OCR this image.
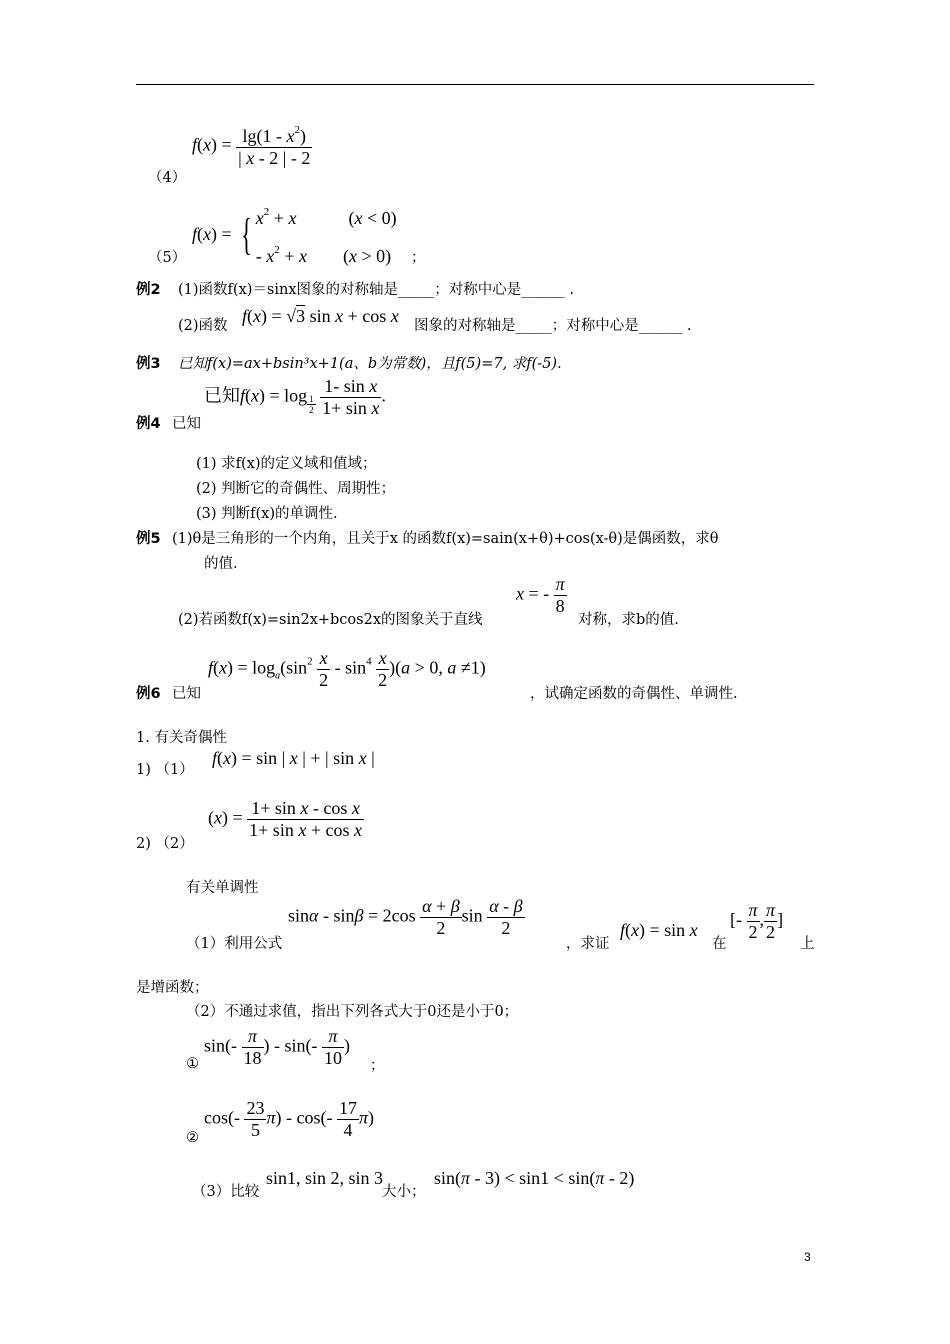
$f(x) = \frac{\lg(1 - x^2)}{| x - 2 | - 2}$
（4）
f(x) = { $x^2 + x$	(x < 0)
- $x^2 + x$ (x > 0)
（5）	；
例2 (1)函数f(x)＝sinx图象的对称轴是_____；对称中心是______ .
(2)函数 f(x) = √3 sin x + cos x 图象的对称轴是_____；对称中心是______ .
例3 已知f(x)=ax+bsin³x+1(a、b为常数)，且f(5)=7, 求f(-5).
已知f(x) = log $_{\frac{1}{2}}$
$\frac{\text{1- sin x}}{\text{1+ sin x}}$ .
例4 已知
(1) 求f(x)的定义域和值域；
(2) 判断它的奇偶性、周期性；
(3) 判断f(x)的单调性.
例5 (1)θ是三角形的一个内角，且关于x 的函数f(x)=sain(x+θ)+cos(x-θ)是偶函数，求θ
的值.
(2)若函数f(x)=sin2x+bcos2x的图象关于直线
x = - $\frac{\pi}{8}$
对称，求b的值.
$f(x) = \log_a(\sin^2 \frac{x}{2} - \sin^4 \frac{x}{2} )(a > 0$, a ≠1)
例6 已知	，试确定函数的奇偶性、单调性.
1. 有关奇偶性
1) （1）
f(x) = sin | x | + | sin x |
$(x) = \frac{\text{1+ sin x - cos x}}{\text{1+ sin x + cos x}}$
2) （2）
有关单调性
$\sin\alpha - \sin\beta = 2\cos \frac{\alpha + \beta}{2}$ $\sin \frac{\alpha - \beta}{2}$
（1）利用公式	，求证
f(x) = sin x
在
[- $\frac{\pi}{2}$ , $\frac{\pi}{2}$ ]
上
是增函数；
（2）不通过求值，指出下列各式大于0还是小于0；
$\sin(- \frac{\pi}{18}$ ) - $\sin(- \frac{\pi}{10}$ )
①	；
$\cos(- \frac{23}{5} \pi) - \cos(- \frac{17}{4} \pi)$
②
（3）比较
sin1, sin 2, sin 3
大小；
sin(π - 3) < sin1 < sin(π - 2)
3
